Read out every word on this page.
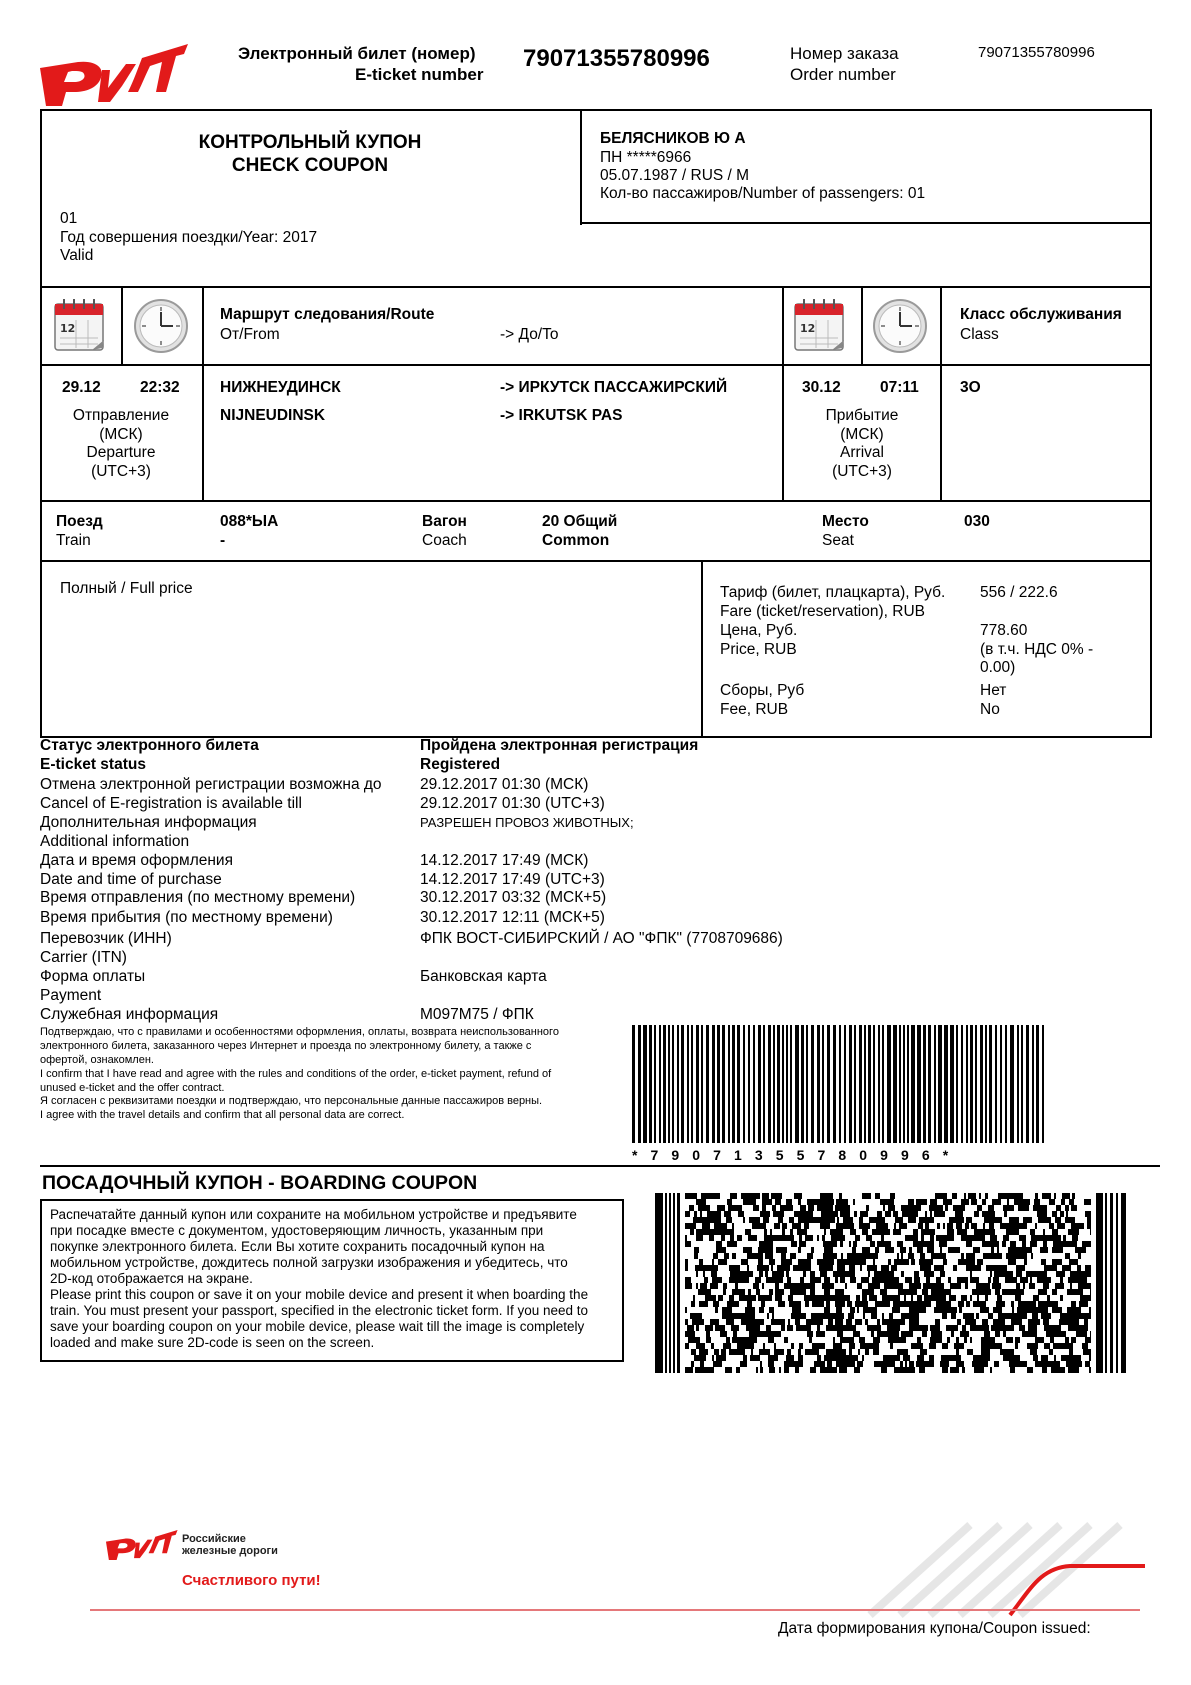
Электронный билет (номер)
E-ticket number
79071355780996	Номер заказа
Order number
79071355780996
КОНТРОЛЬНЫЙ КУПОН
CHECK COUPON
01
Год совершения поездки/Year: 2017
Valid
БЕЛЯСНИКОВ Ю А
ПН *****6966
05.07.1987 / RUS / M
Кол-во пассажиров/Number of passengers: 01
12	12
Маршрут следования/Route
От/From	-> До/To
Класс обслуживания
Class
29.12	22:32
Отправление
(МСК)
Departure
(UTC+3)
НИЖНЕУДИНСК
NIJNEUDINSK
-> ИРКУТСК ПАССАЖИРСКИЙ
-> IRKUTSK PAS
30.12	07:11
Прибытие
(МСК)
Arrival
(UTC+3)
3О
Поезд
Train
088*ЫА
-
Вагон
Coach
20 Общий
Common
Место
Seat
030
Полный / Full price	Тариф (билет, плацкарта), Руб.
Fare (ticket/reservation), RUB
556 / 222.6
Цена, Руб.
Price, RUB
778.60
(в т.ч. НДС 0% -
0.00)
Сборы, Руб
Fee, RUB
Нет
No
Статус электронного билета
E-ticket status
Пройдена электронная регистрация
Registered
Отмена электронной регистрации возможна до
Cancel of E-registration is available till
29.12.2017 01:30 (МСК)
29.12.2017 01:30 (UTC+3)
Дополнительная информация
Additional information
РАЗРЕШЕН ПРОВОЗ ЖИВОТНЫХ;
Дата и время оформления
Date and time of purchase
14.12.2017 17:49 (МСК)
14.12.2017 17:49 (UTC+3)
Время отправления (по местному времени)	30.12.2017 03:32 (МСК+5)
Время прибытия (по местному времени)	30.12.2017 12:11 (МСК+5)
Перевозчик (ИНН)
Carrier (ITN)
ФПК ВОСТ-СИБИРСКИЙ / АО "ФПК" (7708709686)
Форма оплаты
Payment
Банковская карта
Служебная информация	М097М75 / ФПК
Подтверждаю, что с правилами и особенностями оформления, оплаты, возврата неиспользованного
электронного билета, заказанного через Интернет и проезда по электронному билету, а также с
офертой, ознакомлен.
I confirm that I have read and agree with the rules and conditions of the order, e-ticket payment, refund of
unused e-ticket and the offer contract.
Я согласен с реквизитами поездки и подтверждаю, что персональные данные пассажиров верны.
I agree with the travel details and confirm that all personal data are correct.
* 7 9 0 7 1 3 5 5 7 8 0 9 9 6 *
ПОСАДОЧНЫЙ КУПОН - BOARDING COUPON
Распечатайте данный купон или сохраните на мобильном устройстве и предъявите
при посадке вместе с документом, удостоверяющим личность, указанным при
покупке электронного билета. Если Вы хотите сохранить посадочный купон на
мобильном устройстве, дождитесь полной загрузки изображения и убедитесь, что
2D-код отображается на экране.
Please print this coupon or save it on your mobile device and present it when boarding the
train. You must present your passport, specified in the electronic ticket form. If you need to
save your boarding coupon on your mobile device, please wait till the image is completely
loaded and make sure 2D-code is seen on the screen.
Российские
железные дороги
Счастливого пути!
Дата формирования купона/Coupon issued:
